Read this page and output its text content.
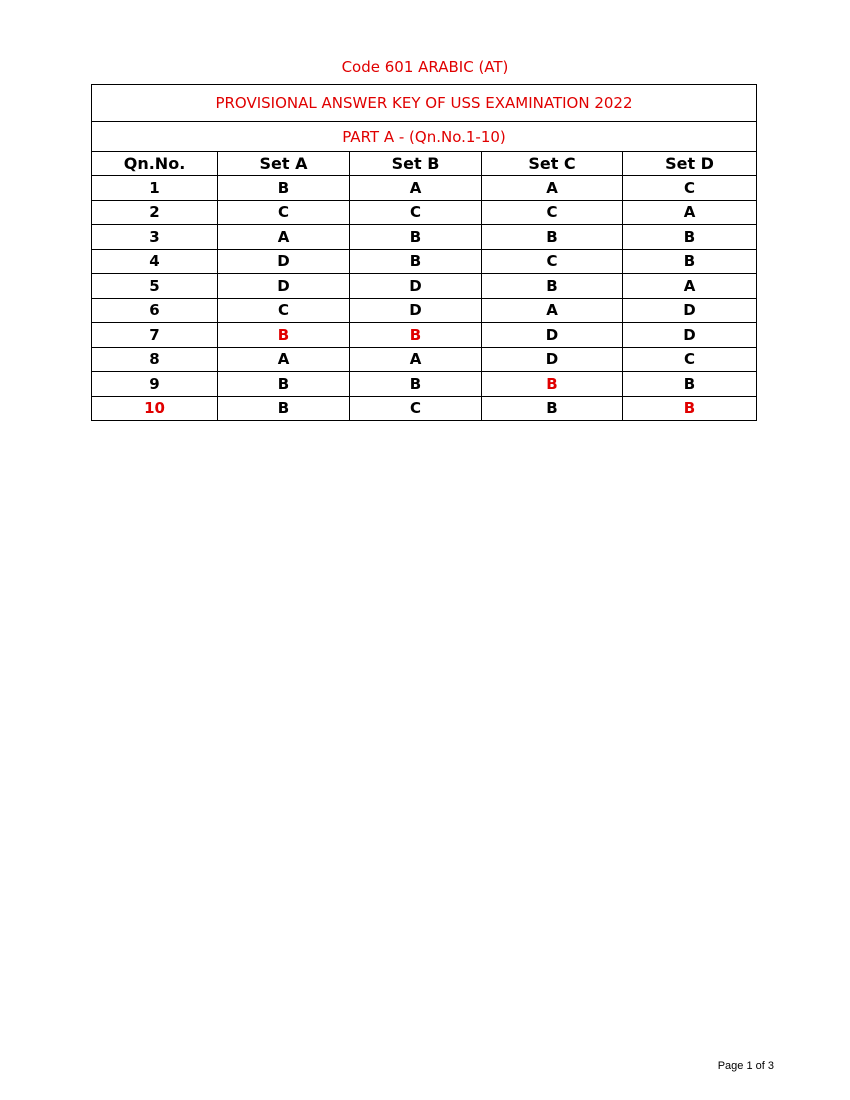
Code 601 ARABIC (AT)
PROVISIONAL ANSWER KEY OF USS EXAMINATION 2022				
PART A - (Qn.No.1-10)				
Qn.No.	Set A	Set B	Set C	Set D
1	B	A	A	C
2	C	C	C	A
3	A	B	B	B
4	D	B	C	B
5	D	D	B	A
6	C	D	A	D
7	B	B	D	D
8	A	A	D	C
9	B	B	B	B
10	B	C	B	B
Page 1 of 3
